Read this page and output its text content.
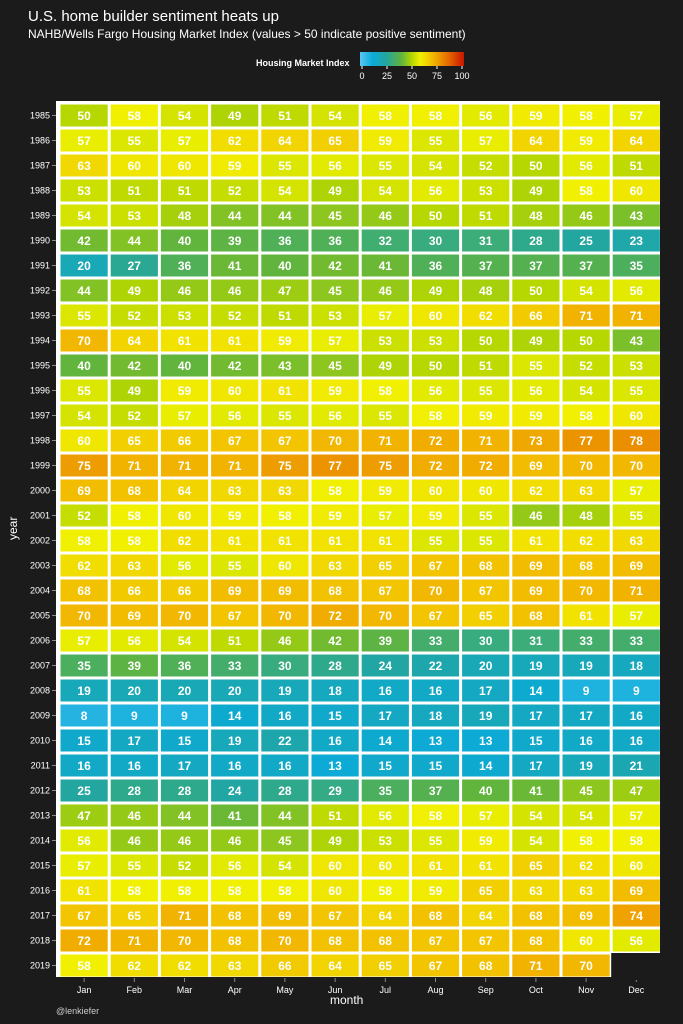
U.S. home builder sentiment heats up
NAHB/Wells Fargo Housing Market Index (values > 50 indicate positive sentiment)
Housing Market Index
0 25 50 75 100
1985
1986
1987
1988
1989
1990
1991
1992
1993
1994
1995
1996
1997
1998
1999
2000
2001
2002
2003
2004
2005
2006
2007
2008
2009
2010
2011
2012
2013
2014
2015
2016
2017
2018
2019
Jan	Feb	Mar	Apr	May	Jun	Jul	Aug	Sep	Oct	Nov	Dec
50	58	54	49	51	54	58	58	56	59	58	57
57	55	57	62	64	65	59	55	57	64	59	64
63	60	60	59	55	56	55	54	52	50	56	51
53	51	51	52	54	49	54	56	53	49	58	60
54	53	48	44	44	45	46	50	51	48	46	43
42	44	40	39	36	36	32	30	31	28	25	23
20	27	36	41	40	42	41	36	37	37	37	35
44	49	46	46	47	45	46	49	48	50	54	56
55	52	53	52	51	53	57	60	62	66	71	71
70	64	61	61	59	57	53	53	50	49	50	43
40	42	40	42	43	45	49	50	51	55	52	53
55	49	59	60	61	59	58	56	55	56	54	55
54	52	57	56	55	56	55	58	59	59	58	60
60	65	66	67	67	70	71	72	71	73	77	78
75	71	71	71	75	77	75	72	72	69	70	70
69	68	64	63	63	58	59	60	60	62	63	57
52	58	60	59	58	59	57	59	55	46	48	55
58	58	62	61	61	61	61	55	55	61	62	63
62	63	56	55	60	63	65	67	68	69	68	69
68	66	66	69	69	68	67	70	67	69	70	71
70	69	70	67	70	72	70	67	65	68	61	57
57	56	54	51	46	42	39	33	30	31	33	33
35	39	36	33	30	28	24	22	20	19	19	18
19	20	20	20	19	18	16	16	17	14	9	9
8	9	9	14	16	15	17	18	19	17	17	16
15	17	15	19	22	16	14	13	13	15	16	16
16	16	17	16	16	13	15	15	14	17	19	21
25	28	28	24	28	29	35	37	40	41	45	47
47	46	44	41	44	51	56	58	57	54	54	57
56	46	46	46	45	49	53	55	59	54	58	58
57	55	52	56	54	60	60	61	61	65	62	60
61	58	58	58	58	60	58	59	65	63	63	69
67	65	71	68	69	67	64	68	64	68	69	74
72	71	70	68	70	68	68	67	67	68	60	56
58	62	62	63	66	64	65	67	68	71	70
month
year
@lenkiefer
